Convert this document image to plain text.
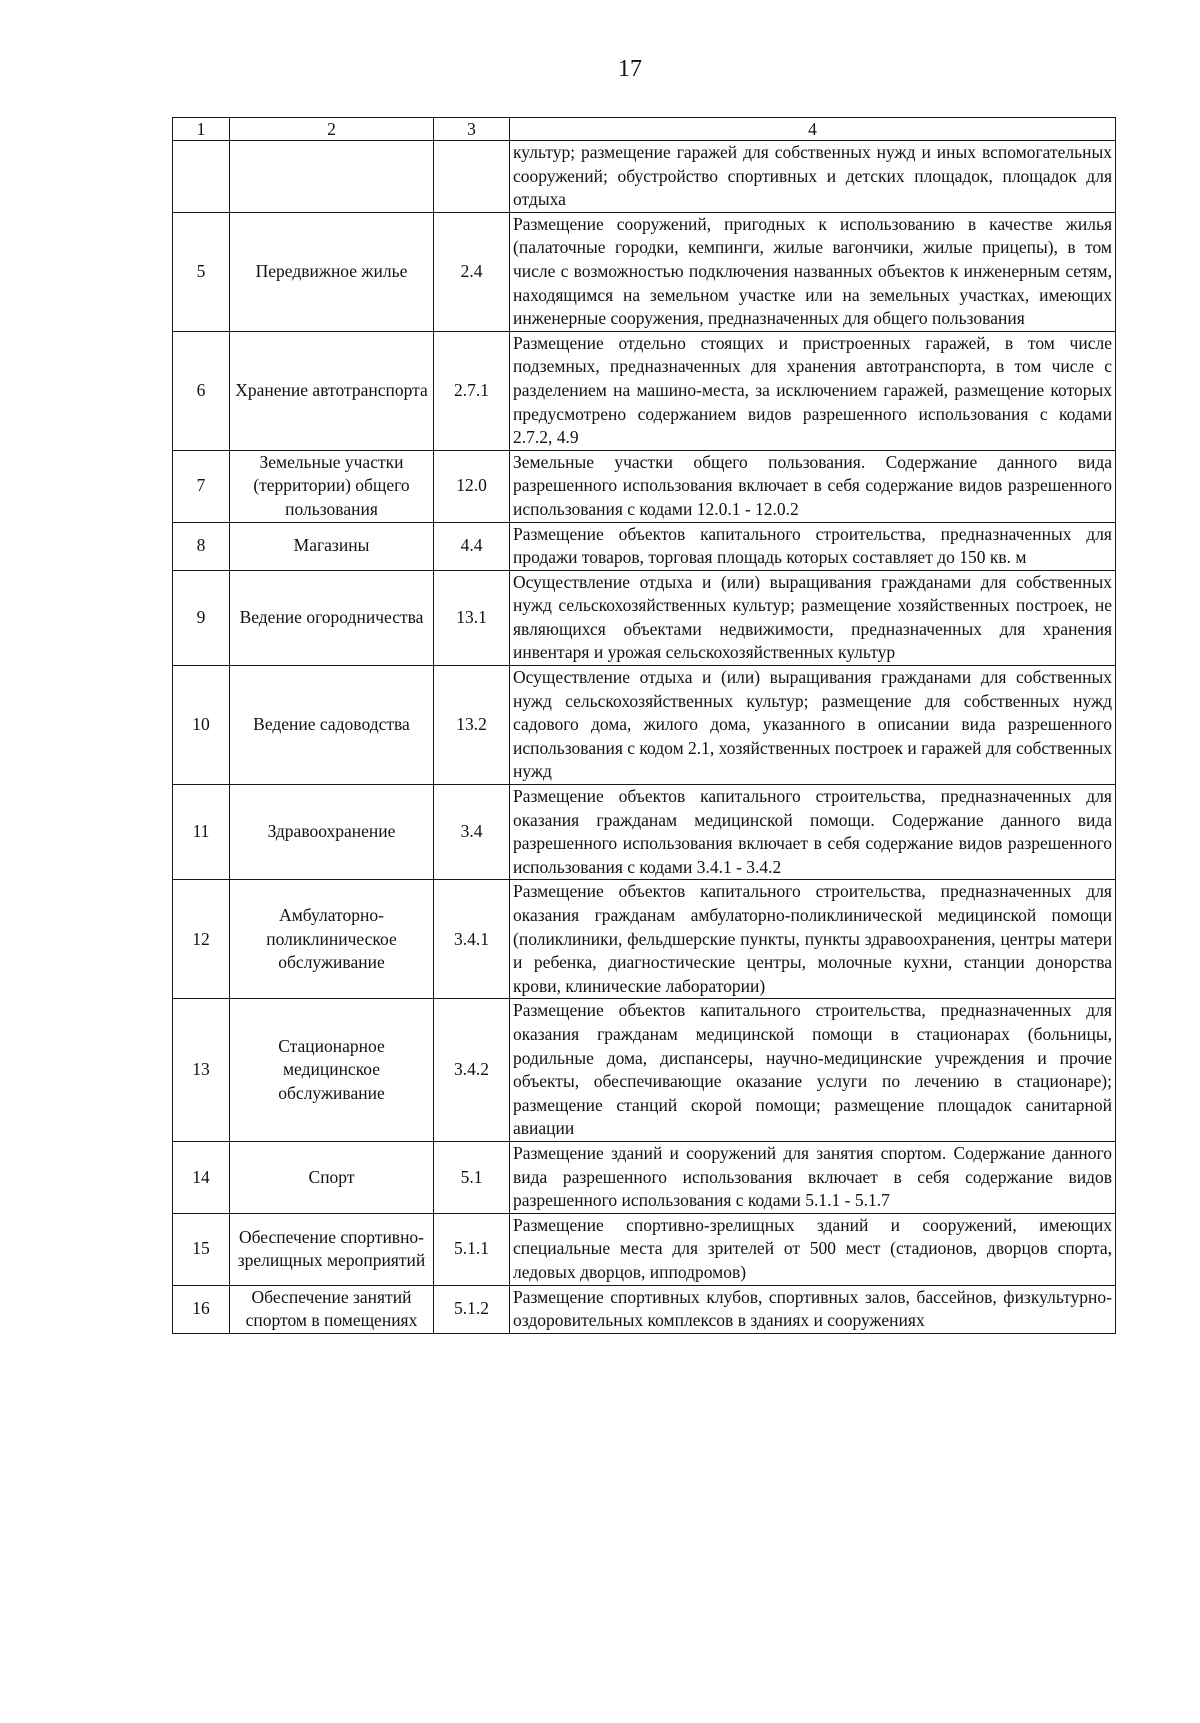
17
1	2	3	4
			культур; размещение гаражей для собственных нужд и иных вспомогательных сооружений; обустройство спортивных и детских площадок, площадок для отдыха
5	Передвижное жилье	2.4	Размещение сооружений, пригодных к использованию в качестве жилья (палаточные городки, кемпинги, жилые вагончики, жилые прицепы), в том числе с возможностью подключения названных объектов к инженерным сетям, находящимся на земельном участке или на земельных участках, имеющих инженерные сооружения, предназначенных для общего пользования
6	Хранение автотранспорта	2.7.1	Размещение отдельно стоящих и пристроенных гаражей, в том числе подземных, предназначенных для хранения автотранспорта, в том числе с разделением на машино-места, за исключением гаражей, размещение которых предусмотрено содержанием видов разрешенного использования с кодами 2.7.2, 4.9
7	Земельные участки (территории) общего пользования	12.0	Земельные участки общего пользования. Содержание данного вида разрешенного использования включает в себя содержание видов разрешенного использования с кодами 12.0.1 - 12.0.2
8	Магазины	4.4	Размещение объектов капитального строительства, предназначенных для продажи товаров, торговая площадь которых составляет до 150 кв. м
9	Ведение огородничества	13.1	Осуществление отдыха и (или) выращивания гражданами для собственных нужд сельскохозяйственных культур; размещение хозяйственных построек, не являющихся объектами недвижимости, предназначенных для хранения инвентаря и урожая сельскохозяйственных культур
10	Ведение садоводства	13.2	Осуществление отдыха и (или) выращивания гражданами для собственных нужд сельскохозяйственных культур; размещение для собственных нужд садового дома, жилого дома, указанного в описании вида разрешенного использования с кодом 2.1, хозяйственных построек и гаражей для собственных нужд
11	Здравоохранение	3.4	Размещение объектов капитального строительства, предназначенных для оказания гражданам медицинской помощи. Содержание данного вида разрешенного использования включает в себя содержание видов разрешенного использования с кодами 3.4.1 - 3.4.2
12	Амбулаторно-поликлиническое обслуживание	3.4.1	Размещение объектов капитального строительства, предназначенных для оказания гражданам амбулаторно-поликлинической медицинской помощи (поликлиники, фельдшерские пункты, пункты здравоохранения, центры матери и ребенка, диагностические центры, молочные кухни, станции донорства крови, клинические лаборатории)
13	Стационарное медицинское обслуживание	3.4.2	Размещение объектов капитального строительства, предназначенных для оказания гражданам медицинской помощи в стационарах (больницы, родильные дома, диспансеры, научно-медицинские учреждения и прочие объекты, обеспечивающие оказание услуги по лечению в стационаре); размещение станций скорой помощи; размещение площадок санитарной авиации
14	Спорт	5.1	Размещение зданий и сооружений для занятия спортом. Содержание данного вида разрешенного использования включает в себя содержание видов разрешенного использования с кодами 5.1.1 - 5.1.7
15	Обеспечение спортивно-зрелищных мероприятий	5.1.1	Размещение спортивно-зрелищных зданий и сооружений, имеющих специальные места для зрителей от 500 мест (стадионов, дворцов спорта, ледовых дворцов, ипподромов)
16	Обеспечение занятий спортом в помещениях	5.1.2	Размещение спортивных клубов, спортивных залов, бассейнов, физкультурно-оздоровительных комплексов в зданиях и сооружениях
